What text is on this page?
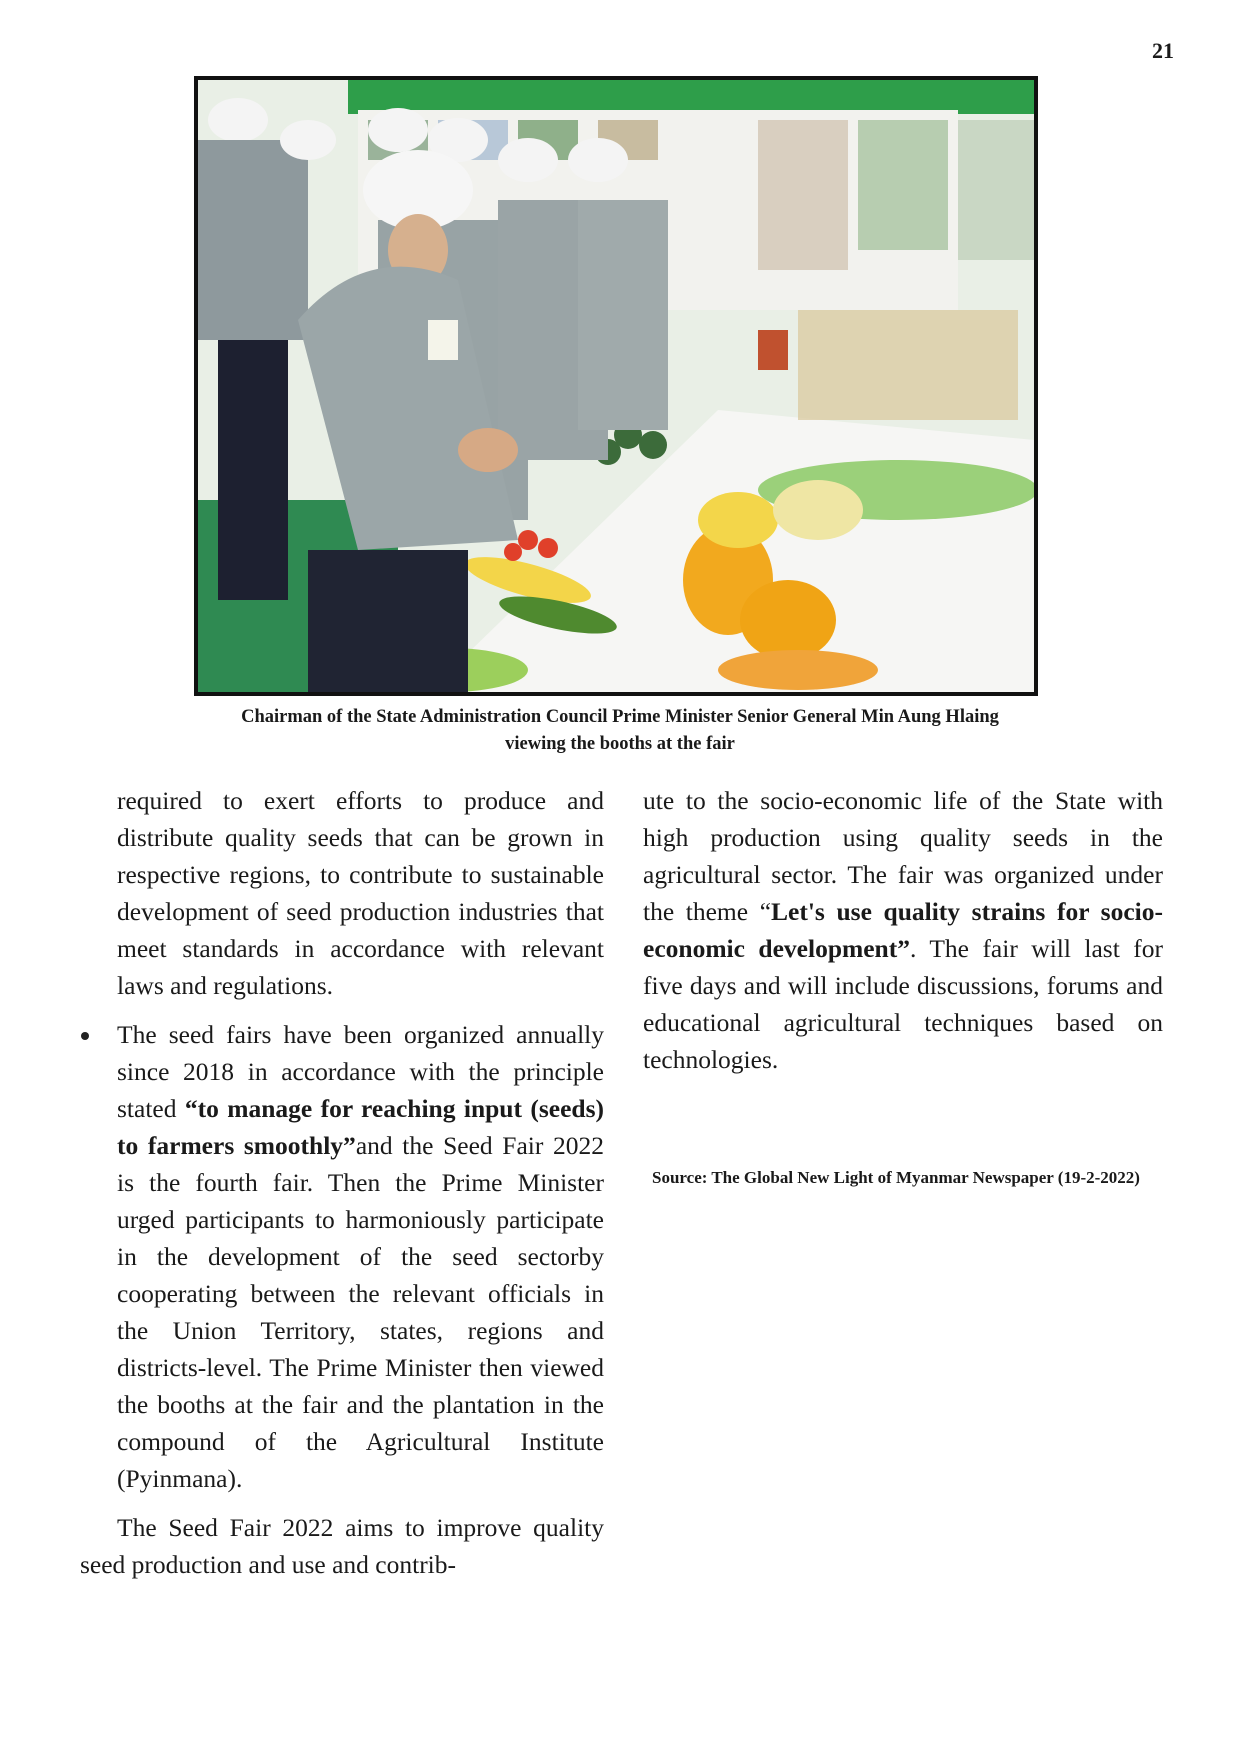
21
Chairman of the State Administration Council Prime Minister Senior General Min Aung Hlaing
viewing the booths at the fair

required to exert efforts to produce and distribute quality seeds that can be grown in respective regions, to contribute to sustainable development of seed production industries that meet standards in accordance with relevant laws and regulations.

The seed fairs have been organized annually since 2018 in accordance with the principle stated “to manage for reaching input (seeds) to farmers smoothly”and the Seed Fair 2022 is the fourth fair. Then the Prime Minister urged participants to harmoniously participate in the development of the seed sectorby cooperating between the relevant officials in the Union Territory, states, regions and districts-level. The Prime Minister then viewed the booths at the fair and the plantation in the compound of the Agricultural Institute (Pyinmana).

The Seed Fair 2022 aims to improve quality seed production and use and contrib-

ute to the socio-economic life of the State with high production using quality seeds in the agricultural sector. The fair was organized under the theme “Let's use quality strains for socio-economic development”. The fair will last for five days and will include discussions, forums and educational agricultural techniques based on technologies.

Source: The Global New Light of Myanmar Newspaper (19-2-2022)
